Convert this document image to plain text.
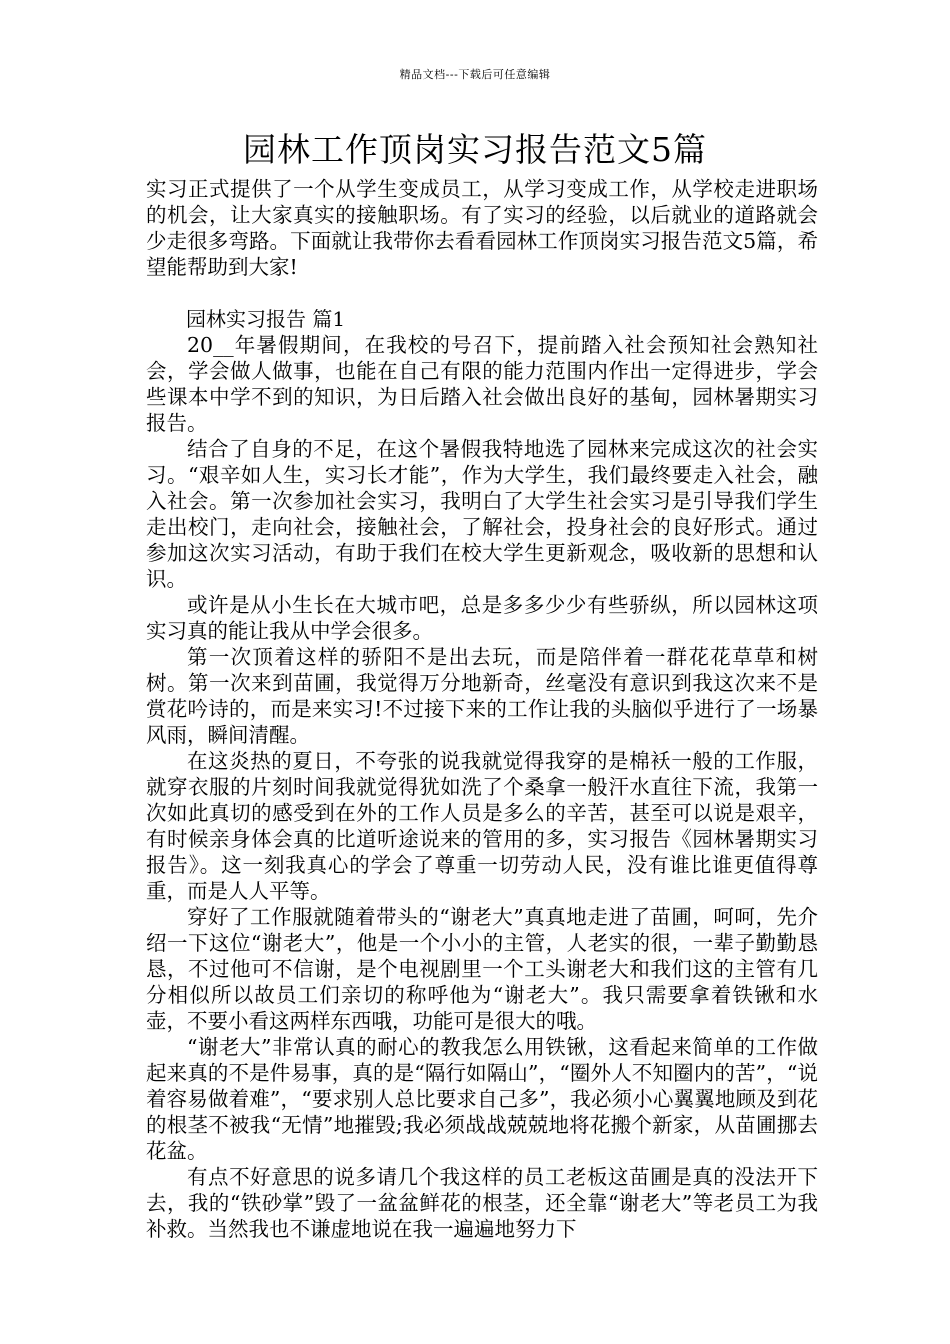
精品文档---下载后可任意编辑
园林工作顶岗实习报告范文5篇

实习正式提供了一个从学生变成员工，从学习变成工作，从学校走进职场的机会，让大家真实的接触职场。有了实习的经验，以后就业的道路就会少走很多弯路。下面就让我带你去看看园林工作顶岗实习报告范文5篇，希望能帮助到大家!

园林实习报告 篇1

20__年暑假期间，在我校的号召下，提前踏入社会预知社会熟知社会，学会做人做事，也能在自己有限的能力范围内作出一定得进步，学会些课本中学不到的知识，为日后踏入社会做出良好的基甸，园林暑期实习报告。

结合了自身的不足，在这个暑假我特地选了园林来完成这次的社会实习。“艰辛如人生，实习长才能”，作为大学生，我们最终要走入社会，融入社会。第一次参加社会实习，我明白了大学生社会实习是引导我们学生走出校门，走向社会，接触社会，了解社会，投身社会的良好形式。通过参加这次实习活动，有助于我们在校大学生更新观念，吸收新的思想和认识。

或许是从小生长在大城市吧，总是多多少少有些骄纵，所以园林这项实习真的能让我从中学会很多。

第一次顶着这样的骄阳不是出去玩，而是陪伴着一群花花草草和树树。第一次来到苗圃，我觉得万分地新奇，丝毫没有意识到我这次来不是赏花吟诗的，而是来实习!不过接下来的工作让我的头脑似乎进行了一场暴风雨，瞬间清醒。

在这炎热的夏日，不夸张的说我就觉得我穿的是棉袄一般的工作服，就穿衣服的片刻时间我就觉得犹如洗了个桑拿一般汗水直往下流，我第一次如此真切的感受到在外的工作人员是多么的辛苦，甚至可以说是艰辛，有时候亲身体会真的比道听途说来的管用的多，实习报告《园林暑期实习报告》。这一刻我真心的学会了尊重一切劳动人民，没有谁比谁更值得尊重，而是人人平等。

穿好了工作服就随着带头的“谢老大”真真地走进了苗圃，呵呵，先介绍一下这位“谢老大”，他是一个小小的主管，人老实的很，一辈子勤勤恳恳，不过他可不信谢，是个电视剧里一个工头谢老大和我们这的主管有几分相似所以故员工们亲切的称呼他为“谢老大”。我只需要拿着铁锹和水壶，不要小看这两样东西哦，功能可是很大的哦。

“谢老大”非常认真的耐心的教我怎么用铁锹，这看起来简单的工作做起来真的不是件易事，真的是“隔行如隔山”，“圈外人不知圈内的苦”，“说着容易做着难”，“要求别人总比要求自己多”，我必须小心翼翼地顾及到花的根茎不被我“无情”地摧毁;我必须战战兢兢地将花搬个新家，从苗圃挪去花盆。

有点不好意思的说多请几个我这样的员工老板这苗圃是真的没法开下去，我的“铁砂掌”毁了一盆盆鲜花的根茎，还全靠“谢老大”等老员工为我补救。当然我也不谦虚地说在我一遍遍地努力下
